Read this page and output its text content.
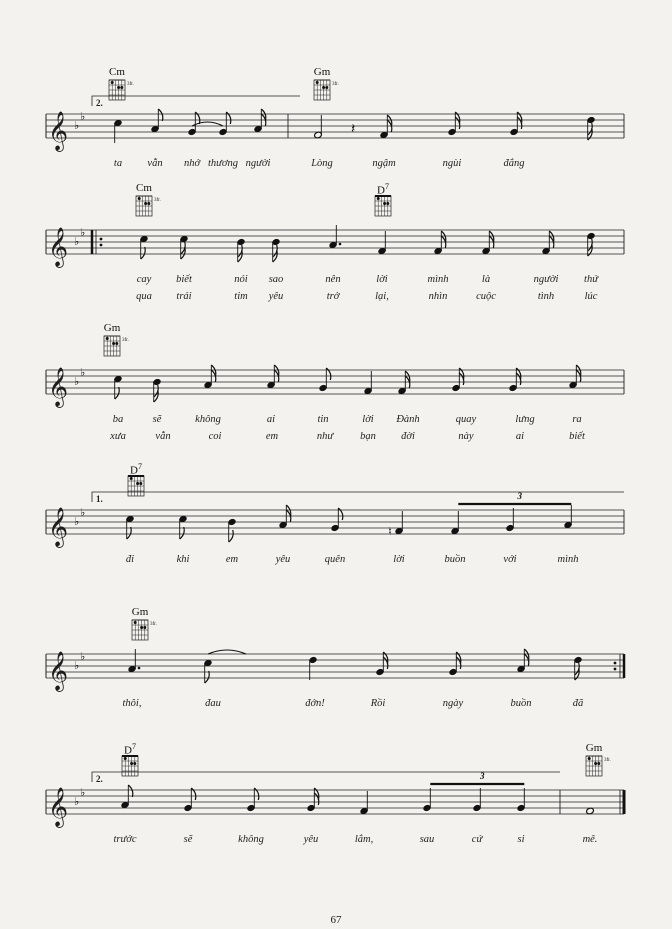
𝄞 ♭
♭
2.
𝄽
3fr.	3fr.
Cm	Gm
ta vẫn nhớ thương người	Lòng	ngậm	ngùi	đắng
𝄞 ♭
♭
3fr.
Cm	$D^7$
cay biết	nói sao	nên	lời	mình	là	người thứ
qua trái	tim yêu	trở	lại,	nhìn	cuộc	tình	lúc
𝄞 ♭
♭
3fr.
Gm
ba	sẽ	không	ai	tin	lời Đành	quay	lưng	ra
xưa	vẫn	coi	em	như	bạn đời	này	ai	biết
𝄞 ♭
♭
1.
♮
3
$D^7$
đi	khi	em	yêu	quên	lời	buồn	với	mình
𝄞 ♭
♭
3fr.
Gm
thôi,	đau	đớn!	Rồi	ngày	buồn	đã
𝄞 ♭
♭
2.	3
3fr.
$D^7$	Gm
trước	sẽ	không	yêu	lắm,	sau	cứ	si	mê.
67
